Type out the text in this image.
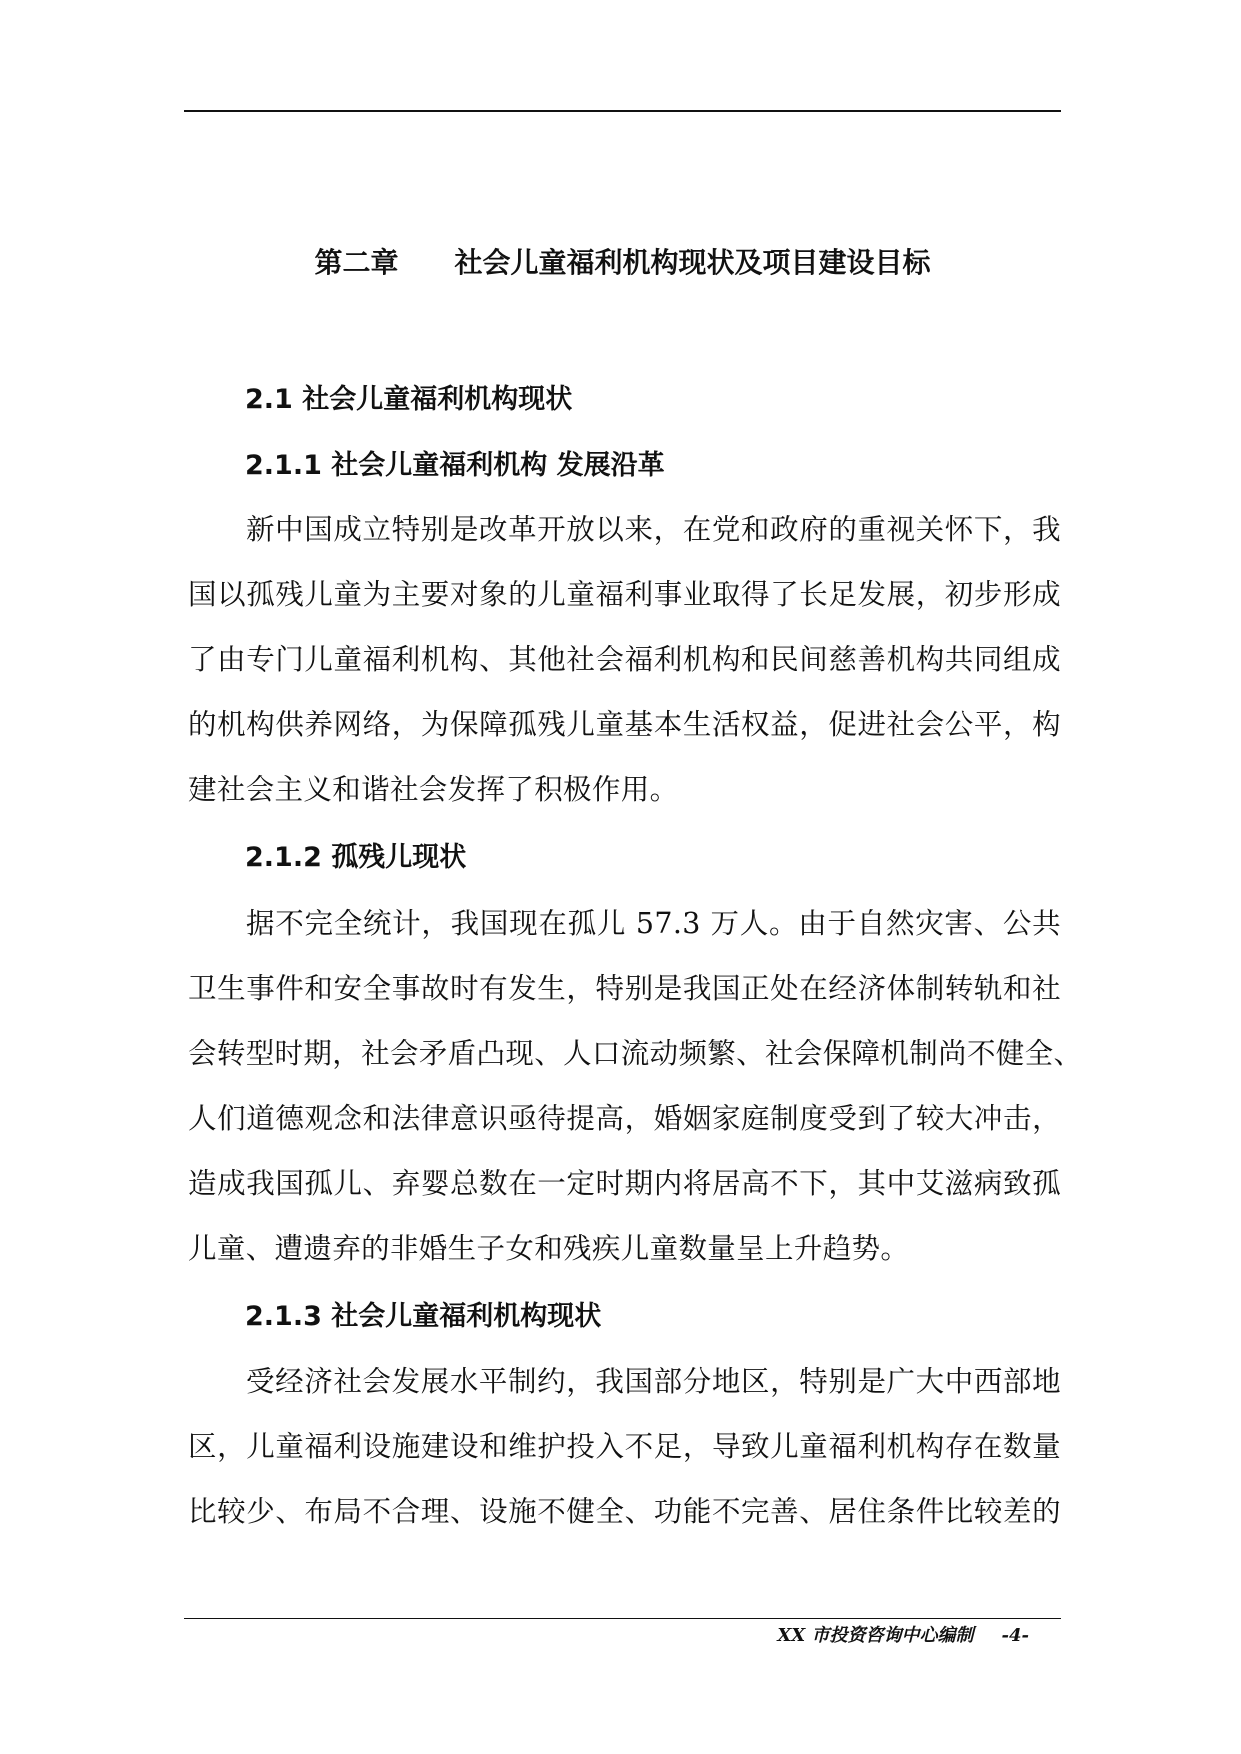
第二章　　社会儿童福利机构现状及项目建设目标
2.1 社会儿童福利机构现状
2.1.1 社会儿童福利机构 发展沿革
新中国成立特别是改革开放以来，在党和政府的重视关怀下，我
国以孤残儿童为主要对象的儿童福利事业取得了长足发展，初步形成
了由专门儿童福利机构、其他社会福利机构和民间慈善机构共同组成
的机构供养网络，为保障孤残儿童基本生活权益，促进社会公平，构
建社会主义和谐社会发挥了积极作用。
2.1.2 孤残儿现状
据不完全统计，我国现在孤儿 57.3 万人。由于自然灾害、公共
卫生事件和安全事故时有发生，特别是我国正处在经济体制转轨和社
会转型时期，社会矛盾凸现、人口流动频繁、社会保障机制尚不健全、
人们道德观念和法律意识亟待提高，婚姻家庭制度受到了较大冲击，
造成我国孤儿、弃婴总数在一定时期内将居高不下，其中艾滋病致孤
儿童、遭遗弃的非婚生子女和残疾儿童数量呈上升趋势。
2.1.3 社会儿童福利机构现状
受经济社会发展水平制约，我国部分地区，特别是广大中西部地
区，儿童福利设施建设和维护投入不足，导致儿童福利机构存在数量
比较少、布局不合理、设施不健全、功能不完善、居住条件比较差的
XX 市投资咨询中心编制 -4-
